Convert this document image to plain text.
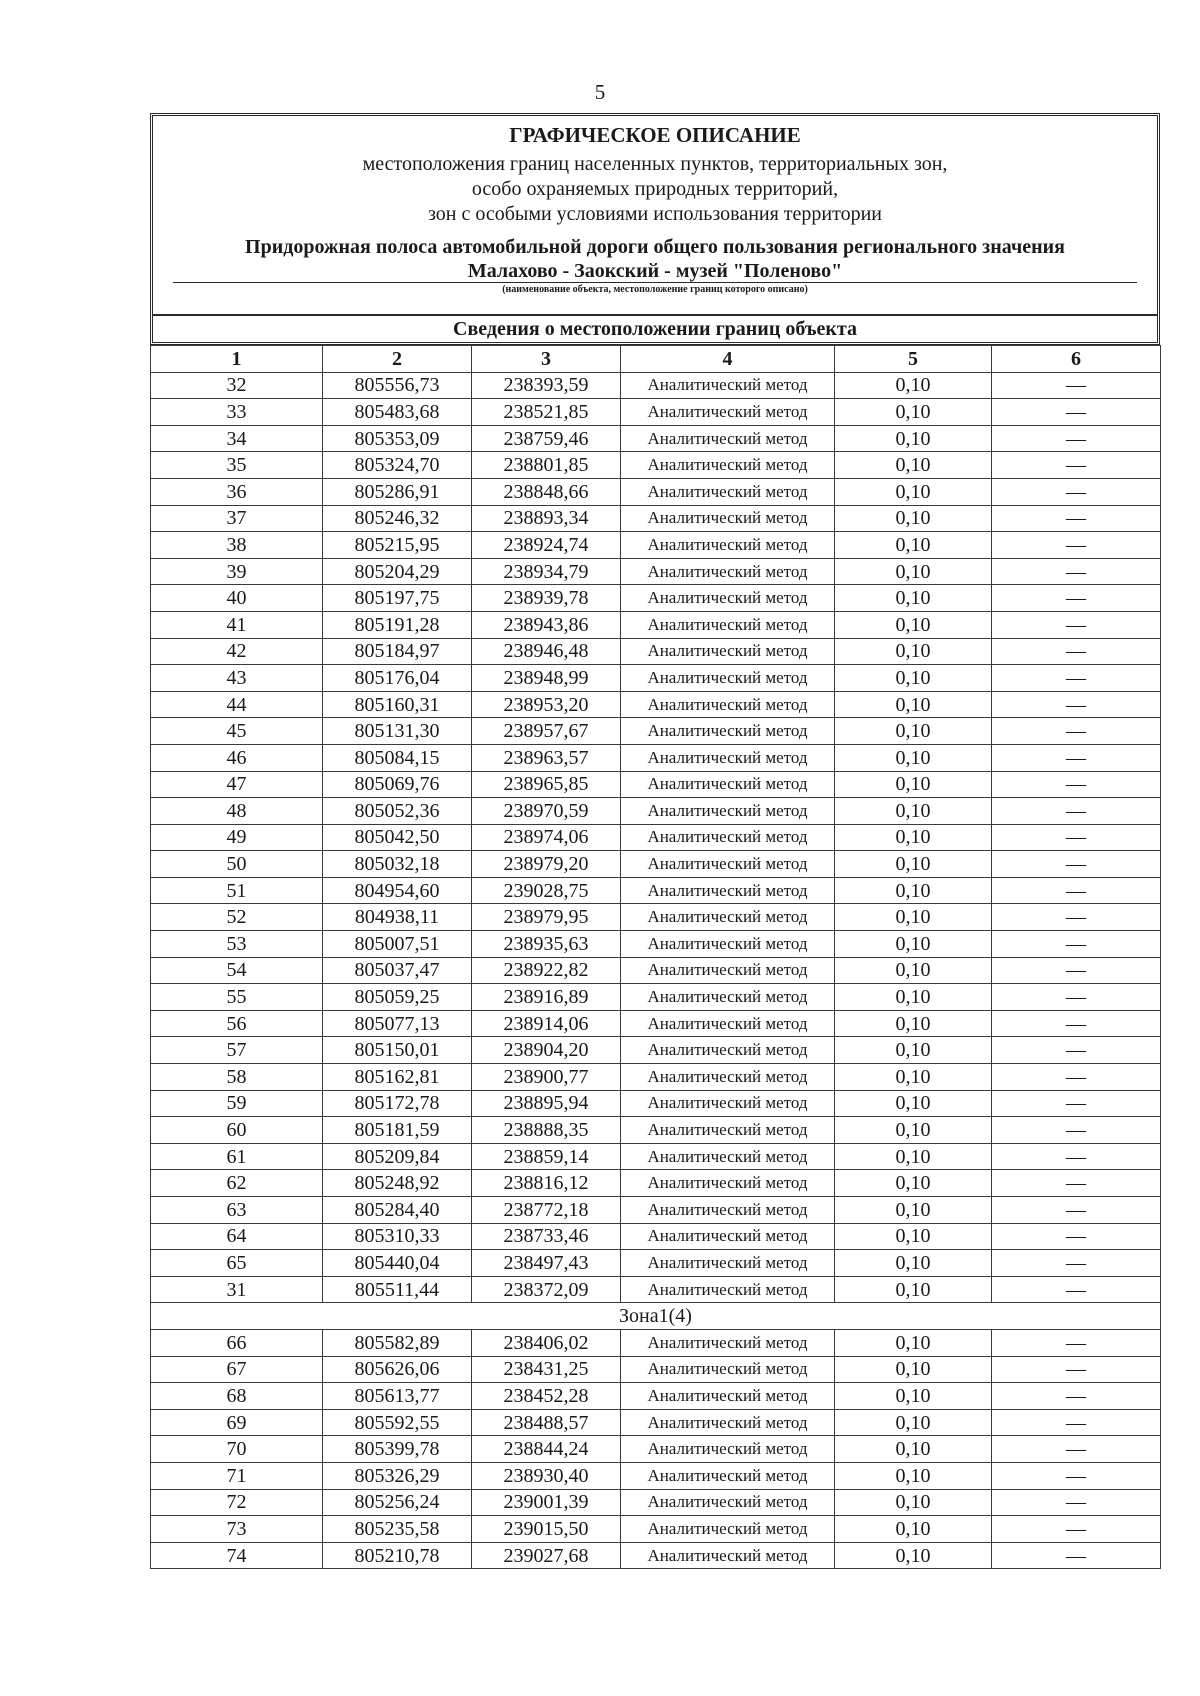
5
ГРАФИЧЕСКОЕ ОПИСАНИЕ
местоположения границ населенных пунктов, территориальных зон,
особо охраняемых природных территорий,
зон с особыми условиями использования территории
Придорожная полоса автомобильной дороги общего пользования регионального значения
Малахово - Заокский - музей "Поленово"
(наименование объекта, местоположение границ которого описано)
Сведения о местоположении границ объекта
1	2	3	4	5	6
32	805556,73	238393,59	Аналитический метод	0,10	—
33	805483,68	238521,85	Аналитический метод	0,10	—
34	805353,09	238759,46	Аналитический метод	0,10	—
35	805324,70	238801,85	Аналитический метод	0,10	—
36	805286,91	238848,66	Аналитический метод	0,10	—
37	805246,32	238893,34	Аналитический метод	0,10	—
38	805215,95	238924,74	Аналитический метод	0,10	—
39	805204,29	238934,79	Аналитический метод	0,10	—
40	805197,75	238939,78	Аналитический метод	0,10	—
41	805191,28	238943,86	Аналитический метод	0,10	—
42	805184,97	238946,48	Аналитический метод	0,10	—
43	805176,04	238948,99	Аналитический метод	0,10	—
44	805160,31	238953,20	Аналитический метод	0,10	—
45	805131,30	238957,67	Аналитический метод	0,10	—
46	805084,15	238963,57	Аналитический метод	0,10	—
47	805069,76	238965,85	Аналитический метод	0,10	—
48	805052,36	238970,59	Аналитический метод	0,10	—
49	805042,50	238974,06	Аналитический метод	0,10	—
50	805032,18	238979,20	Аналитический метод	0,10	—
51	804954,60	239028,75	Аналитический метод	0,10	—
52	804938,11	238979,95	Аналитический метод	0,10	—
53	805007,51	238935,63	Аналитический метод	0,10	—
54	805037,47	238922,82	Аналитический метод	0,10	—
55	805059,25	238916,89	Аналитический метод	0,10	—
56	805077,13	238914,06	Аналитический метод	0,10	—
57	805150,01	238904,20	Аналитический метод	0,10	—
58	805162,81	238900,77	Аналитический метод	0,10	—
59	805172,78	238895,94	Аналитический метод	0,10	—
60	805181,59	238888,35	Аналитический метод	0,10	—
61	805209,84	238859,14	Аналитический метод	0,10	—
62	805248,92	238816,12	Аналитический метод	0,10	—
63	805284,40	238772,18	Аналитический метод	0,10	—
64	805310,33	238733,46	Аналитический метод	0,10	—
65	805440,04	238497,43	Аналитический метод	0,10	—
31	805511,44	238372,09	Аналитический метод	0,10	—
Зона1(4)					
66	805582,89	238406,02	Аналитический метод	0,10	—
67	805626,06	238431,25	Аналитический метод	0,10	—
68	805613,77	238452,28	Аналитический метод	0,10	—
69	805592,55	238488,57	Аналитический метод	0,10	—
70	805399,78	238844,24	Аналитический метод	0,10	—
71	805326,29	238930,40	Аналитический метод	0,10	—
72	805256,24	239001,39	Аналитический метод	0,10	—
73	805235,58	239015,50	Аналитический метод	0,10	—
74	805210,78	239027,68	Аналитический метод	0,10	—
